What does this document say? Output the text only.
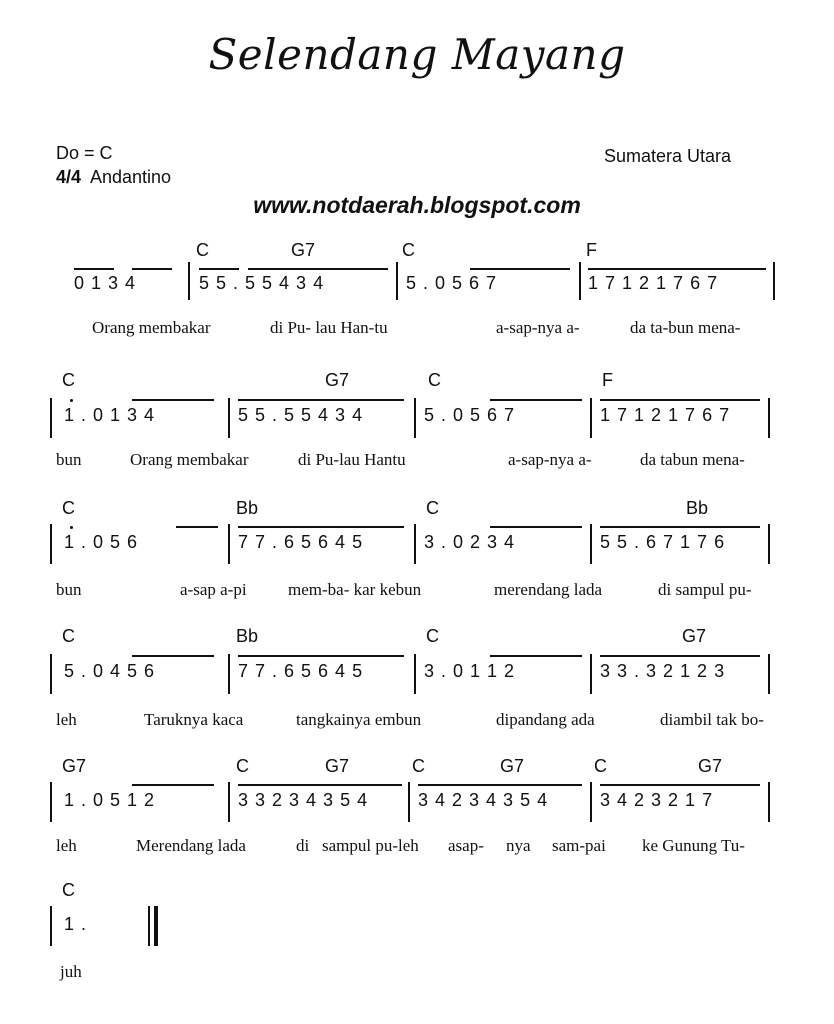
Selendang Mayang
Do = C
4/4 Andantino
Sumatera Utara
www.notdaerah.blogspot.com
C	G7	C	F
0 1 3 4	5 5 . 5 5 4 3 4	5 . 0 5 6 7	1 7 1 2 1 7 6 7
Orang membakar	di Pu- lau Han-tu	a-sap-nya a-	da ta-bun mena-
C	G7	C	F
1 . 0 1 3 4	5 5 . 5 5 4 3 4	5 . 0 5 6 7	1 7 1 2 1 7 6 7
bun	Orang membakar	di Pu-lau Hantu	a-sap-nya a-	da tabun mena-
C	Bb	C	Bb
1 . 0 5 6	7 7 . 6 5 6 4 5	3 . 0 2 3 4	5 5 . 6 7 1 7 6
bun	a-sap a-pi mem-ba- kar kebun	merendang lada	di sampul pu-
C	Bb	C	G7
5 . 0 4 5 6	7 7 . 6 5 6 4 5	3 . 0 1 1 2	3 3 . 3 2 1 2 3
leh	Taruknya kaca	tangkainya embun	dipandang ada	diambil tak bo-
G7	C	G7	C	G7	C	G7
1 . 0 5 1 2	3 3 2 3 4 3 5 4	3 4 2 3 4 3 5 4	3 4 2 3 2 1 7
leh	Merendang lada	di sampul pu-leh asap- nya sam-pai ke Gunung Tu-
C
1 .
juh
